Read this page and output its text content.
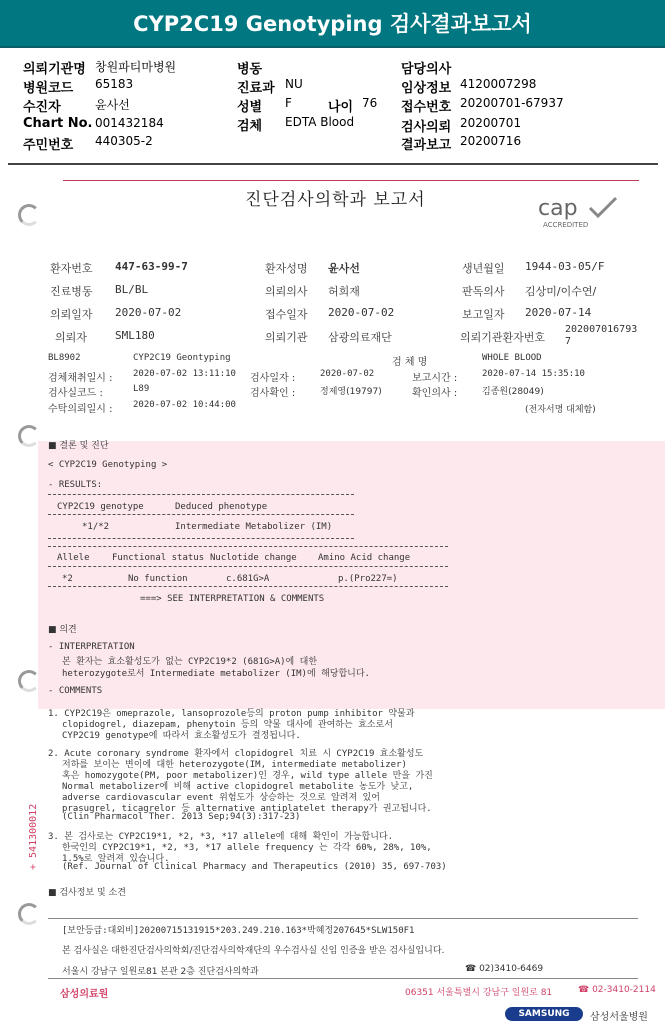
CYP2C19 Genotyping 검사결과보고서
의뢰기관명 창원파티마병원
병원코드 65183
수진자	윤사선
Chart No. 001432184
주민번호 440305-2
병동
진료과 NU
성별 F	나이 76
검체 EDTA Blood
담당의사
임상정보 4120007298
접수번호 20200701-67937
검사의뢰 20200701
결과보고 20200716
진단검사의학과 보고서	cap
ACCREDITED
환자번호 447-63-99-7	환자성명 윤사선	생년월일 1944-03-05/F
진료병동 BL/BL	의뢰의사 허희재	판독의사 김상미/이수연/
의뢰일자 2020-07-02	접수일자 2020-07-02	보고일자 2020-07-14
의뢰자	SML180	의뢰기관 삼광의료재단	의뢰기관환자번호
2020070167937
BL8902	CYP2C19 Geontyping	검 체 명	WHOLE BLOOD
검체채취일시 : 2020-07-02 13:11:10 검사일자 :	2020-07-02	보고시간 :	2020-07-14 15:35:10
검사실코드 :	L89	검사확인 :	정제영(19797)	확인의사 :	김종원(28049)
수탁의뢰일시 : 2020-07-02 10:44:00	(전자서명 대체함)
■ 결론 및 진단
< CYP2C19 Genotyping >
- RESULTS:
CYP2C19 genotype	Deduced phenotype
*1/*2	Intermediate Metabolizer (IM)
Allele Functional status Nuclotide change Amino Acid change
*2	No function	c.681G>A	p.(Pro227=)
===> SEE INTERPRETATION & COMMENTS
■ 의견
- INTERPRETATION
본 환자는 효소활성도가 없는 CYP2C19*2 (681G>A)에 대한
heterozygote로서 Intermediate metabolizer (IM)에 해당합니다.
- COMMENTS
1. CYP2C19은 omeprazole, lansoprozole등의 proton pump inhibitor 약물과
clopidogrel, diazepam, phenytoin 등의 약물 대사에 관여하는 효소로서
CYP2C19 genotype에 따라서 효소활성도가 결정됩니다.
2. Acute coronary syndrome 환자에서 clopidogrel 치료 시 CYP2C19 효소활성도
저하를 보이는 변이에 대한 heterozygote(IM, intermediate metabolizer)
혹은 homozygote(PM, poor metabolizer)인 경우, wild type allele 만을 가진
Normal metabolizer에 비해 active clopidogrel metabolite 농도가 낮고,
adverse cardiovascular event 위험도가 상승하는 것으로 알려져 있어
prasugrel, ticagrelor 등 alternative antiplatelet therapy가 권고됩니다.
(Clin Pharmacol Ther. 2013 Sep;94(3):317-23)
3. 본 검사로는 CYP2C19*1, *2, *3, *17 allele에 대해 확인이 가능합니다.
한국인의 CYP2C19*1, *2, *3, *17 allele frequency 는 각각 60%, 28%, 10%,
1.5%로 알려져 있습니다.
(Ref. Journal of Clinical Pharmacy and Therapeutics (2010) 35, 697-703)
+ 541300012
■ 검사정보 및 소견
[보안등급:대외비]20200715131915*203.249.210.163*박혜정207645*SLW150F1
본 검사실은 대한진단검사의학회/진단검사의학재단의 우수검사실 신임 인증을 받은 검사실입니다.
서울시 강남구 일원로81 본관 2층 진단검사의학과	☎ 02)3410-6469
삼성의료원	06351 서울특별시 강남구 일원로 81	☎ 02-3410-2114
SAMSUNG	삼성서울병원
